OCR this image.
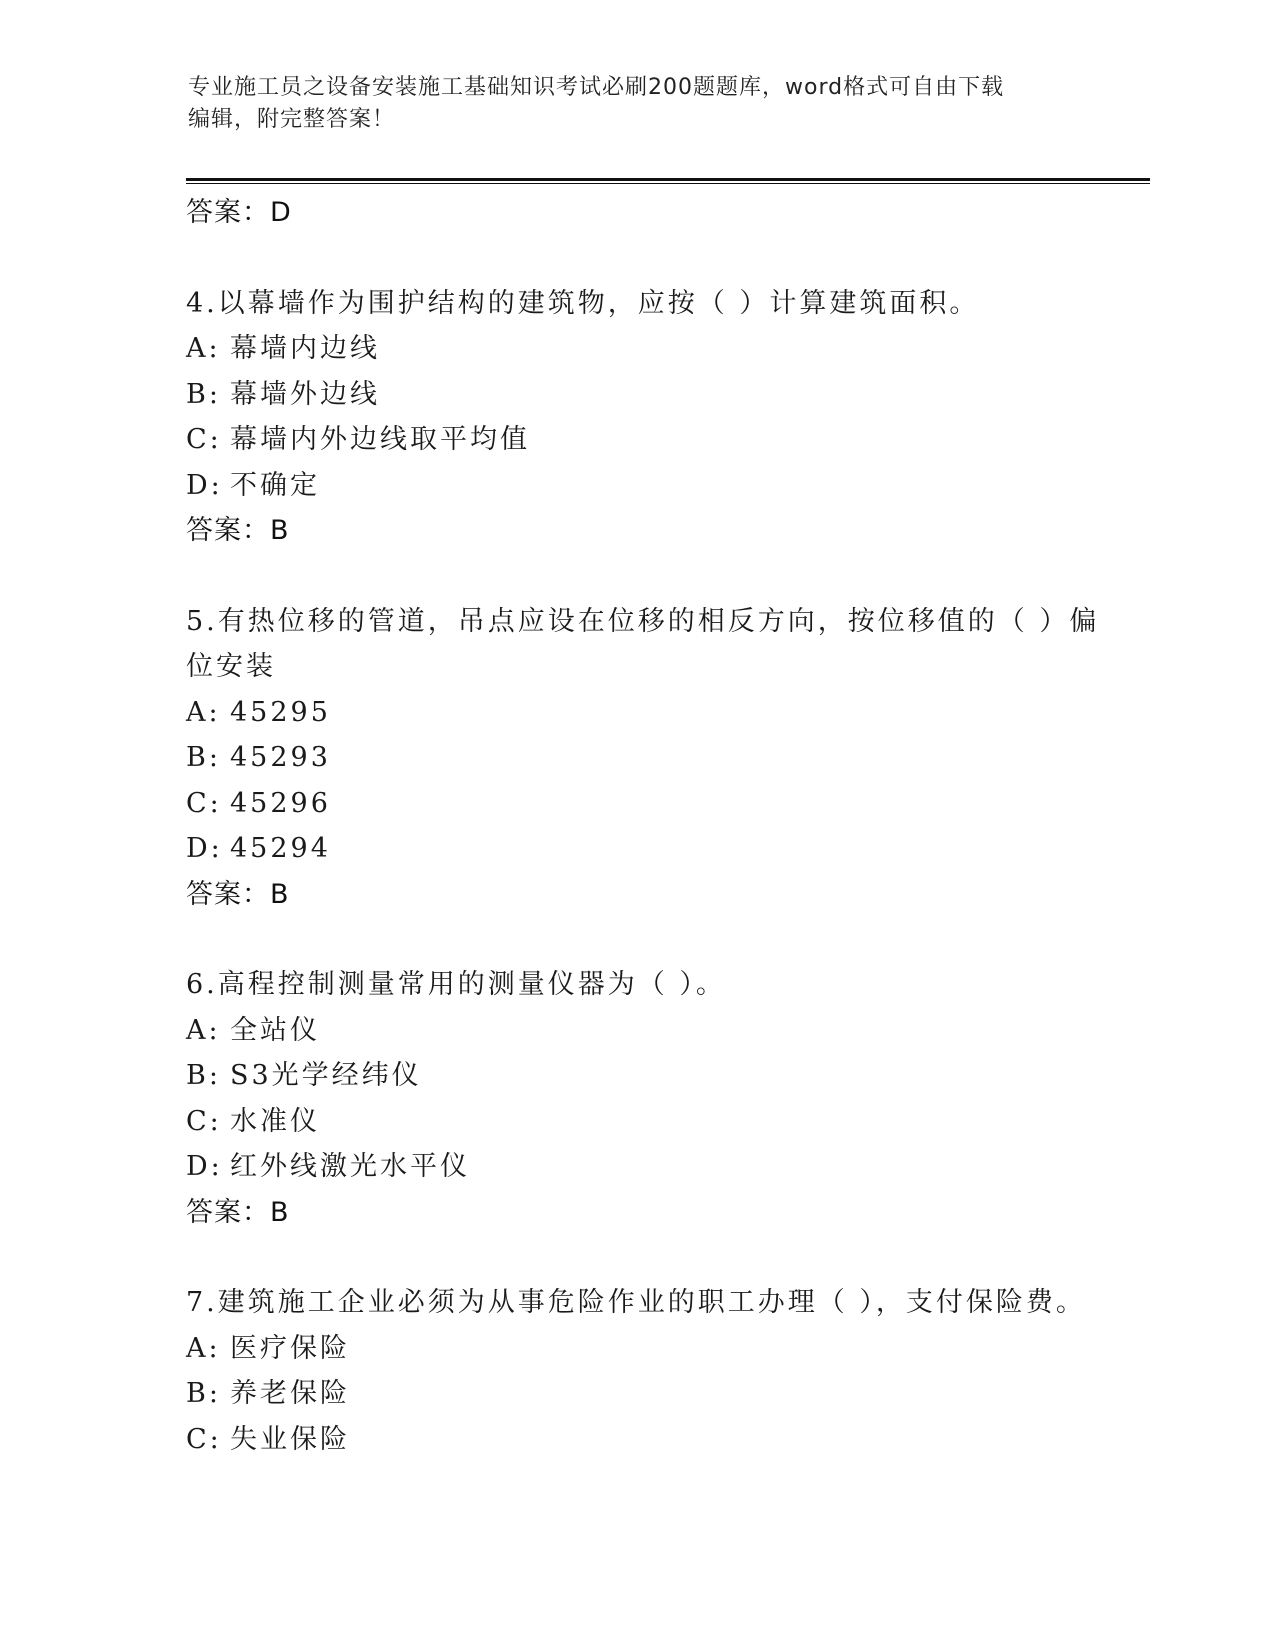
专业施工员之设备安装施工基础知识考试必刷200题题库，word格式可自由下载
编辑，附完整答案！
答案：D
4.以幕墙作为围护结构的建筑物，应按（ ）计算建筑面积。
A: 幕墙内边线
B: 幕墙外边线
C: 幕墙内外边线取平均值
D: 不确定
答案：B
5.有热位移的管道，吊点应设在位移的相反方向，按位移值的（ ）偏
位安装
A: 45295
B: 45293
C: 45296
D: 45294
答案：B
6.高程控制测量常用的测量仪器为（ ）。
A: 全站仪
B: S3光学经纬仪
C: 水准仪
D: 红外线激光水平仪
答案：B
7.建筑施工企业必须为从事危险作业的职工办理（ ），支付保险费。
A: 医疗保险
B: 养老保险
C: 失业保险
